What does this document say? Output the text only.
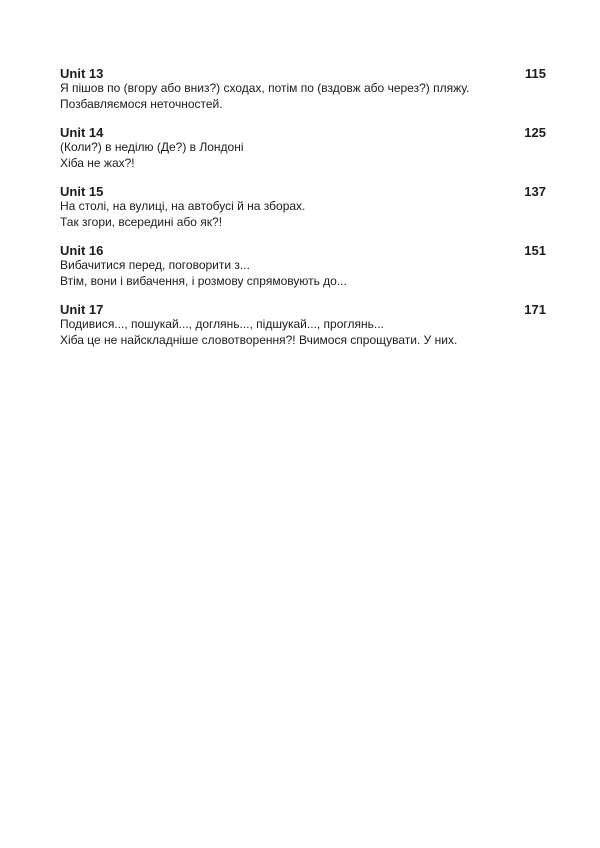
Unit 13	115
Я пішов по (вгору або вниз?) сходах, потім по (вздовж або через?) пляжу.
Позбавляємося неточностей.
Unit 14	125
(Коли?) в неділю (Де?) в Лондоні
Хіба не жах?!
Unit 15	137
На столі, на вулиці, на автобусі й на зборах.
Так згори, всередині або як?!
Unit 16	151
Вибачитися перед, поговорити з...
Втім, вони і вибачення, і розмову спрямовують до...
Unit 17	171
Подивися..., пошукай..., доглянь..., підшукай..., проглянь...
Хіба це не найскладніше словотворення?! Вчимося спрощувати. У них.
